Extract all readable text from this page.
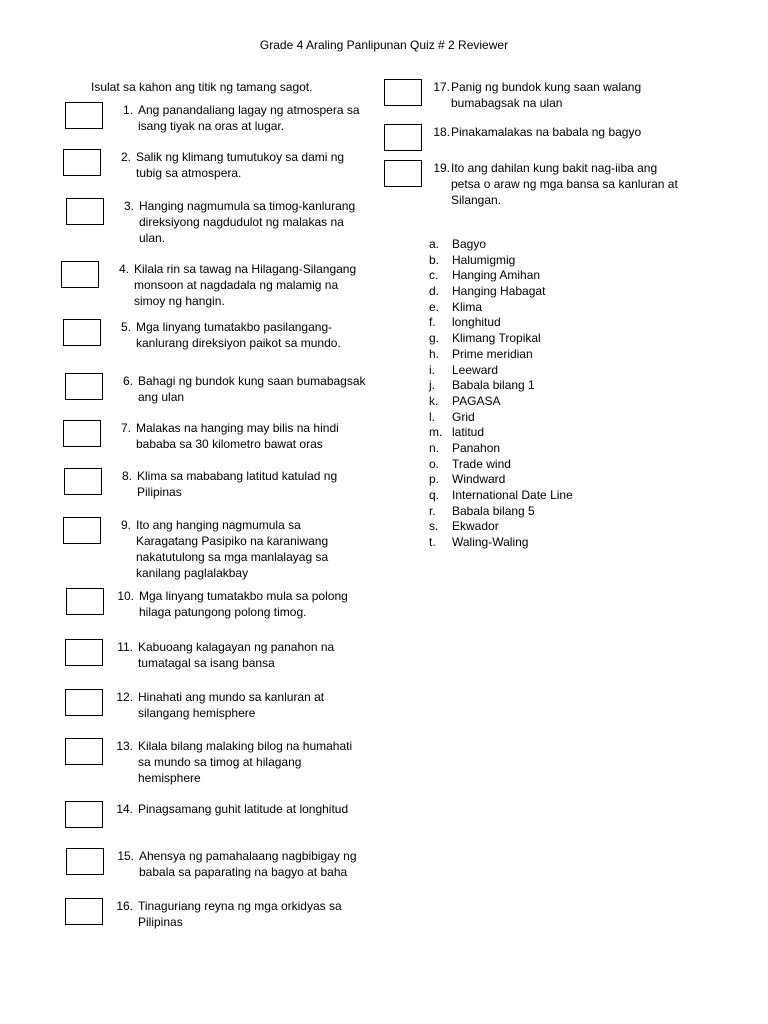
Grade 4 Araling Panlipunan Quiz # 2 Reviewer
Isulat sa kahon ang titik ng tamang sagot.
1. Ang panandaliang lagay ng atmospera sa isang tiyak na oras at lugar.
2. Salik ng klimang tumutukoy sa dami ng tubig sa atmospera.
3. Hanging nagmumula sa timog-kanlurang direksiyong nagdudulot ng malakas na ulan.
4. Kilala rin sa tawag na Hilagang-Silangang monsoon at nagdadala ng malamig na simoy ng hangin.
5. Mga linyang tumatakbo pasilangang-kanlurang direksiyon paikot sa mundo.
6. Bahagi ng bundok kung saan bumabagsak ang ulan
7. Malakas na hanging may bilis na hindi bababa sa 30 kilometro bawat oras
8. Klima sa mababang latitud katulad ng Pilipinas
9. Ito ang hanging nagmumula sa Karagatang Pasipiko na karaniwang nakatutulong sa mga manlalayag sa kanilang paglalakbay
10. Mga linyang tumatakbo mula sa polong hilaga patungong polong timog.
11. Kabuoang kalagayan ng panahon na tumatagal sa isang bansa
12. Hinahati ang mundo sa kanluran at silangang hemisphere
13. Kilala bilang malaking bilog na humahati sa mundo sa timog at hilagang hemisphere
14. Pinagsamang guhit latitude at longhitud
15. Ahensya ng pamahalaang nagbibigay ng babala sa paparating na bagyo at baha
16. Tinaguriang reyna ng mga orkidyas sa Pilipinas
17. Panig ng bundok kung saan walang bumabagsak na ulan
18. Pinakamalakas na babala ng bagyo
19. Ito ang dahilan kung bakit nag-iiba ang petsa o araw ng mga bansa sa kanluran at Silangan.
a.	Bagyo
b.	Halumigmig
c.	Hanging Amihan
d.	Hanging Habagat
e.	Klima
f.	longhitud
g.	Klimang Tropikal
h.	Prime meridian
i.	Leeward
j.	Babala bilang 1
k.	PAGASA
l.	Grid
m. latitud
n.	Panahon
o.	Trade wind
p.	Windward
q.	International Date Line
r.	Babala bilang 5
s.	Ekwador
t.	Waling-Waling
